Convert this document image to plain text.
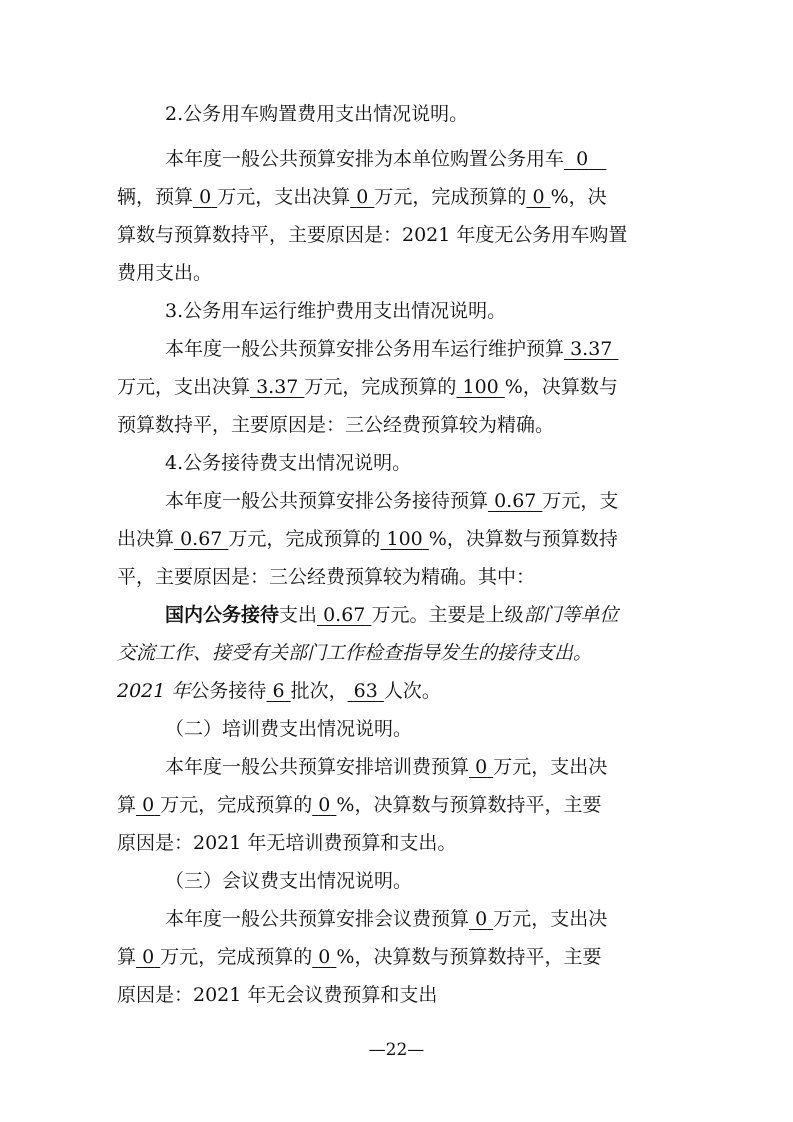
2.公务用车购置费用支出情况说明。
本年度一般公共预算安排为本单位购置公务用车 0
辆，预算 0 万元，支出决算 0 万元，完成预算的 0 %，决
算数与预算数持平，主要原因是：2021 年度无公务用车购置
费用支出。
3.公务用车运行维护费用支出情况说明。
本年度一般公共预算安排公务用车运行维护预算 3.37
万元，支出决算 3.37 万元，完成预算的 100 %，决算数与
预算数持平，主要原因是：三公经费预算较为精确。
4.公务接待费支出情况说明。
本年度一般公共预算安排公务接待预算 0.67 万元，支
出决算 0.67 万元，完成预算的 100 %，决算数与预算数持
平，主要原因是：三公经费预算较为精确。其中：
国内公务接待支出 0.67 万元。主要是上级部门等单位
交流工作、接受有关部门工作检查指导发生的接待支出。
2021 年公务接待 6 批次， 63 人次。
（二）培训费支出情况说明。
本年度一般公共预算安排培训费预算 0 万元，支出决
算 0 万元，完成预算的 0 %，决算数与预算数持平，主要
原因是：2021 年无培训费预算和支出。
（三）会议费支出情况说明。
本年度一般公共预算安排会议费预算 0 万元，支出决
算 0 万元，完成预算的 0 %，决算数与预算数持平，主要
原因是：2021 年无会议费预算和支出
—22—
